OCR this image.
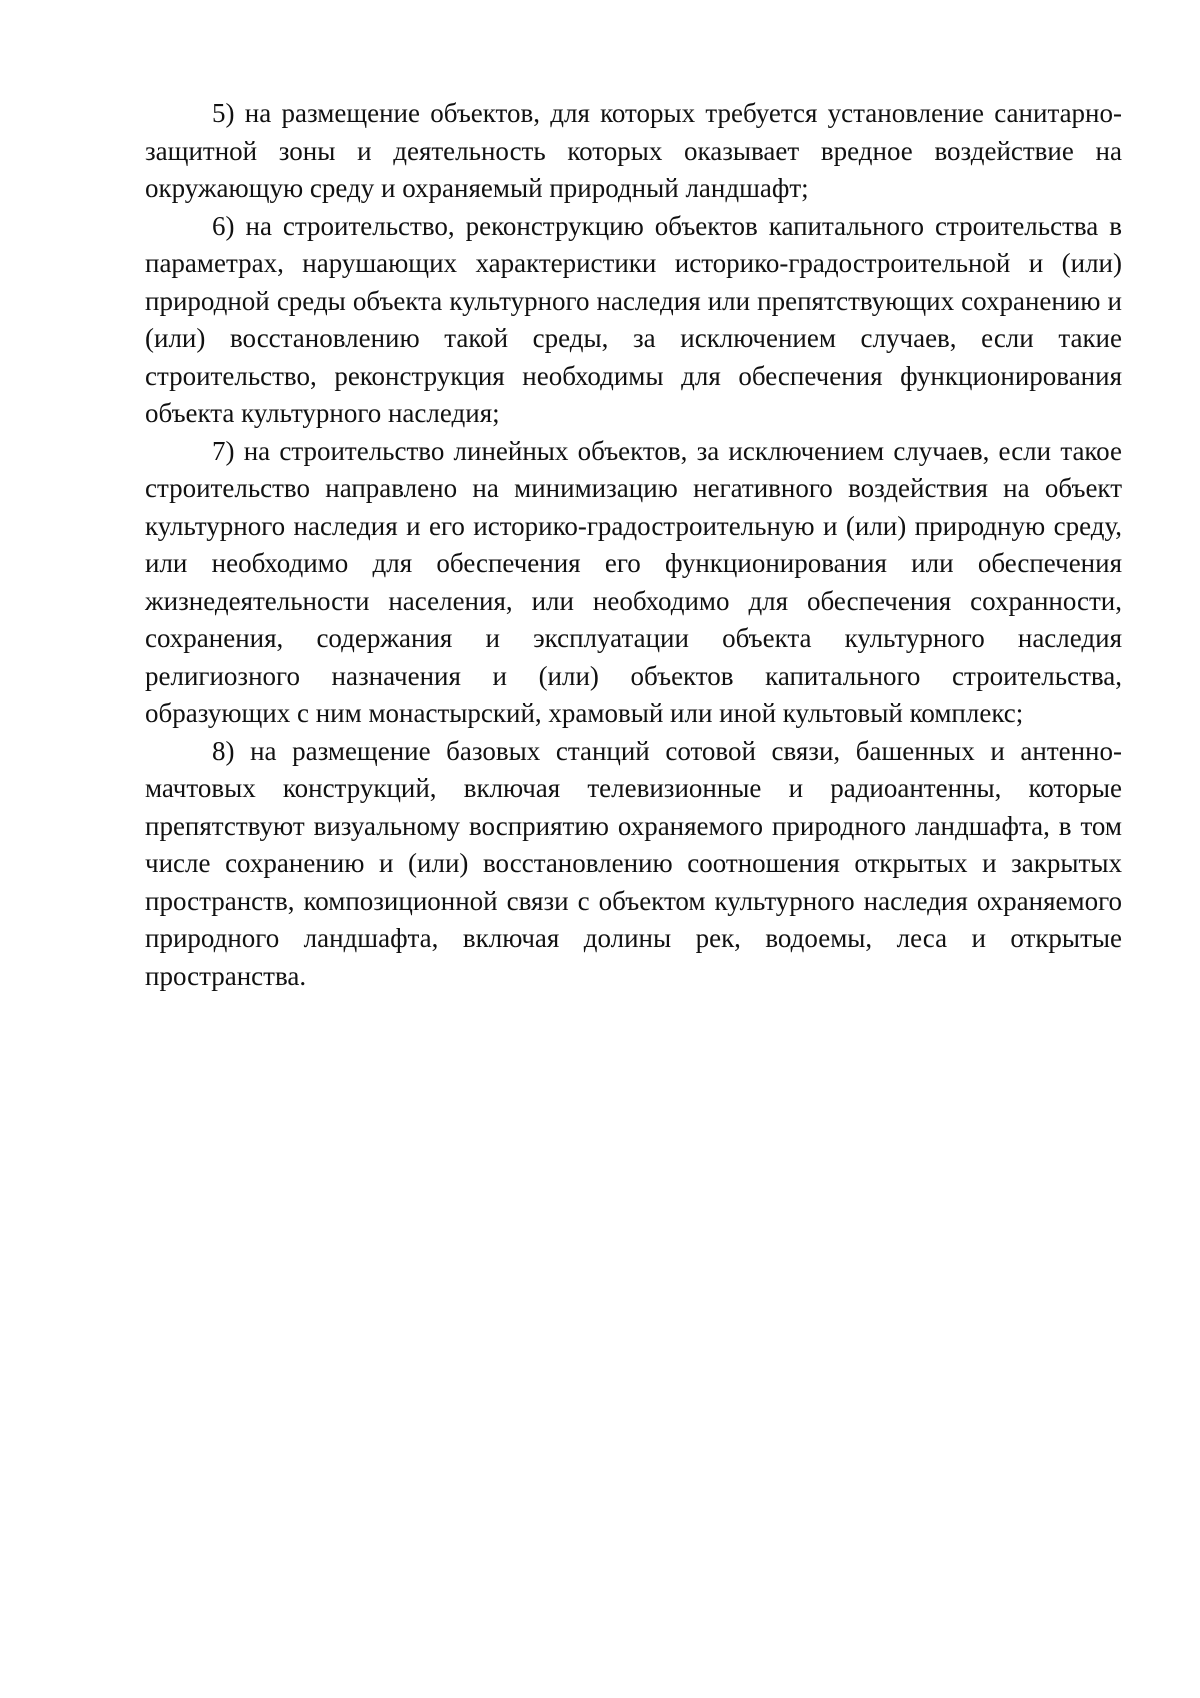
5) на размещение объектов, для которых требуется установление санитарно-защитной зоны и деятельность которых оказывает вредное воздействие на окружающую среду и охраняемый природный ландшафт;

6) на строительство, реконструкцию объектов капитального строительства в параметрах, нарушающих характеристики историко-градостроительной и (или) природной среды объекта культурного наследия или препятствующих сохранению и (или) восстановлению такой среды, за исключением случаев, если такие строительство, реконструкция необходимы для обеспечения функционирования объекта культурного наследия;

7) на строительство линейных объектов, за исключением случаев, если такое строительство направлено на минимизацию негативного воздействия на объект культурного наследия и его историко-градостроительную и (или) природную среду, или необходимо для обеспечения его функционирования или обеспечения жизнедеятельности населения, или необходимо для обеспечения сохранности, сохранения, содержания и эксплуатации объекта культурного наследия религиозного назначения и (или) объектов капитального строительства, образующих с ним монастырский, храмовый или иной культовый комплекс;

8) на размещение базовых станций сотовой связи, башенных и антенно-мачтовых конструкций, включая телевизионные и радиоантенны, которые препятствуют визуальному восприятию охраняемого природного ландшафта, в том числе сохранению и (или) восстановлению соотношения открытых и закрытых пространств, композиционной связи с объектом культурного наследия охраняемого природного ландшафта, включая долины рек, водоемы, леса и открытые пространства.
